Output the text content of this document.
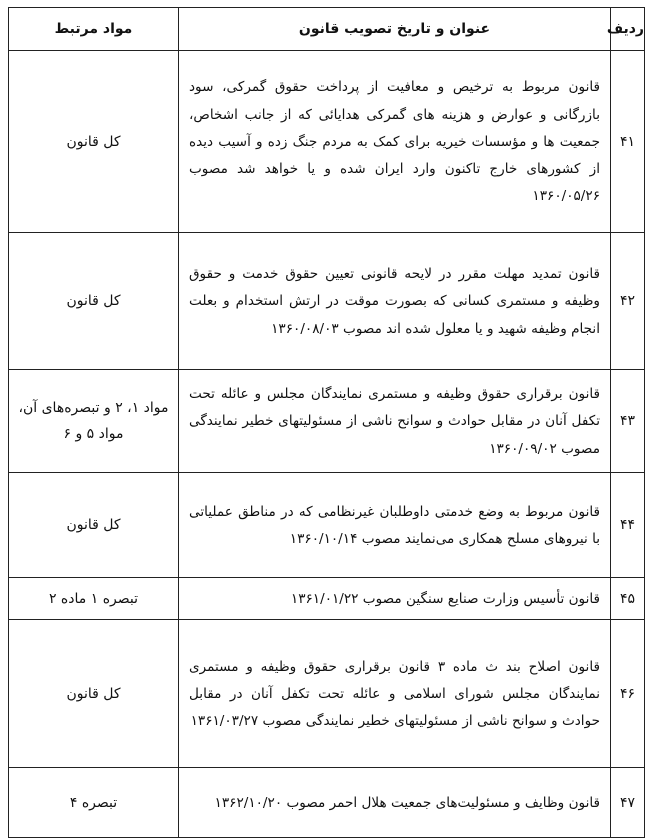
ردیف	عنوان و تاریخ تصویب قانون	مواد مرتبط
۴۱	قانون مربوط به ترخیص و معافیت از پرداخت حقوق گمرکی، سود بازرگانی و عوارض و هزینه های گمرکی هدایائی که از جانب اشخاص، جمعیت ها و مؤسسات خیریه برای کمک به مردم جنگ زده و آسیب دیده از کشورهای خارج تاکنون وارد ایران شده و یا خواهد شد مصوب ۱۳۶۰/۰۵/۲۶	کل قانون
۴۲	قانون تمدید مهلت مقرر در لایحه قانونی تعیین حقوق خدمت و حقوق وظیفه و مستمری کسانی که بصورت موقت در ارتش استخدام و بعلت انجام وظیفه شهید و یا معلول شده اند مصوب ۱۳۶۰/۰۸/۰۳	کل قانون
۴۳	قانون برقراری حقوق وظیفه و مستمری نمایندگان مجلس و عائله تحت تکفل آنان در مقابل حوادث و سوانح ناشی از مسئولیتهای خطیر نمایندگی مصوب ۱۳۶۰/۰۹/۰۲	مواد ۱، ۲ و تبصره‌های آن، مواد ۵ و ۶
۴۴	قانون مربوط به وضع خدمتی داوطلبان غیرنظامی که در مناطق عملیاتی با نیروهای مسلح همکاری می‌نمایند مصوب ۱۳۶۰/۱۰/۱۴	کل قانون
۴۵	قانون تأسیس وزارت صنایع سنگین مصوب ۱۳۶۱/۰۱/۲۲	تبصره ۱ ماده ۲
۴۶	قانون اصلاح بند ث ماده ۳ قانون برقراری حقوق وظیفه و مستمری نمایندگان مجلس شورای اسلامی و عائله تحت تکفل آنان در مقابل حوادث و سوانح ناشی از مسئولیتهای خطیر نمایندگی مصوب ۱۳۶۱/۰۳/۲۷	کل قانون
۴۷	قانون وظایف و مسئولیت‌های جمعیت هلال احمر مصوب ۱۳۶۲/۱۰/۲۰	تبصره ۴
